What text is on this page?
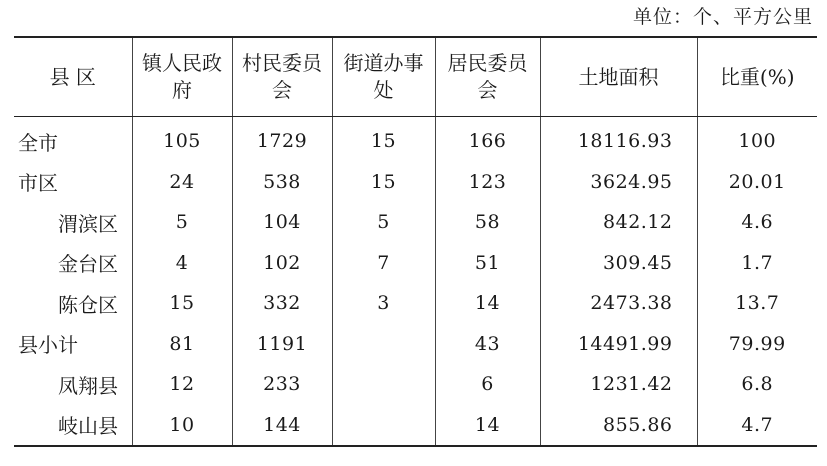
单位：个、平方公里
县 区	镇人民政府	村民委员会	街道办事处	居民委员会	土地面积	比重(%)
全市	105	1729	15	166	18116.93	100
市区	24	538	15	123	3624.95	20.01
渭滨区	5	104	5	58	842.12	4.6
金台区	4	102	7	51	309.45	1.7
陈仓区	15	332	3	14	2473.38	13.7
县小计	81	1191		43	14491.99	79.99
凤翔县	12	233		6	1231.42	6.8
岐山县	10	144		14	855.86	4.7
